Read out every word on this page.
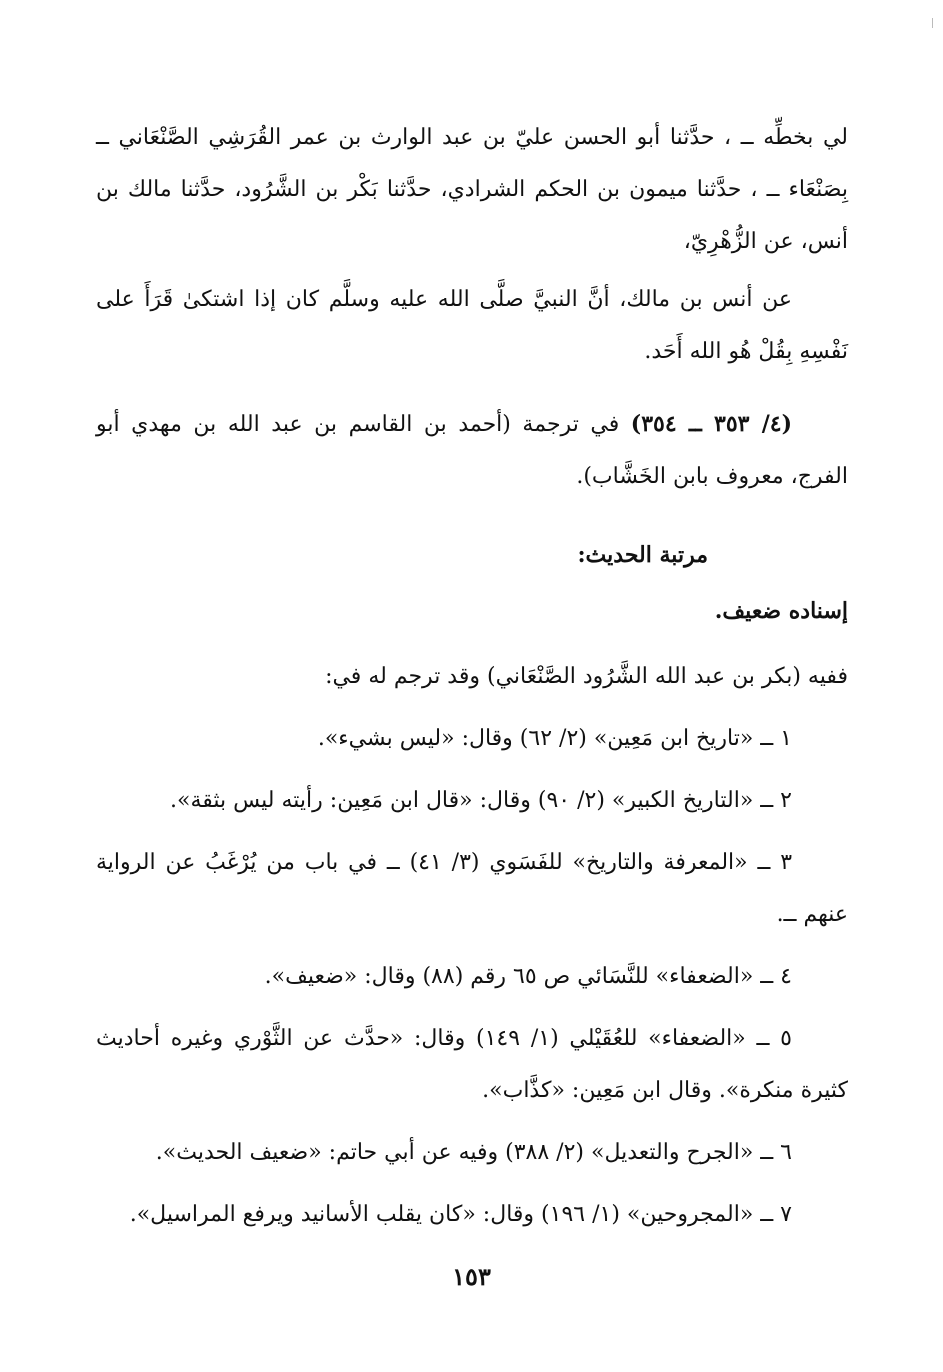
لي بخطِّه ــ ، حدَّثنا أبو الحسن عليّ بن عبد الوارث بن عمر القُرَشِي الصَّنْعَاني ــ بِصَنْعَاء ــ ، حدَّثنا ميمون بن الحكم الشرادي، حدَّثنا بَكْر بن الشَّرُود، حدَّثنا مالك بن أنس، عن الزُّهْرِيّ،

عن أنس بن مالك، أنَّ النبيَّ صلَّى الله عليه وسلَّم كان إذا اشتكىٰ قَرَأَ على نَفْسِهِ بِقُلْ هُو الله أَحَد.

(٤/ ٣٥٣ ــ ٣٥٤) في ترجمة (أحمد بن القاسم بن عبد الله بن مهدي أبو الفرج، معروف بابن الخَشَّاب).

مرتبة الحديث:

إسناده ضعيف.

ففيه (بكر بن عبد الله الشَّرُود الصَّنْعَاني) وقد ترجم له في:

١ ــ «تاريخ ابن مَعِين» (٢/ ٦٢) وقال: «ليس بشيء».

٢ ــ «التاريخ الكبير» (٢/ ٩٠) وقال: «قال ابن مَعِين: رأيته ليس بثقة».

٣ ــ «المعرفة والتاريخ» للفَسَوي (٣/ ٤١) ــ في باب من يُرْغَبُ عن الرواية عنهم ــ.

٤ ــ «الضعفاء» للنَّسَائي ص ٦٥ رقم (٨٨) وقال: «ضعيف».

٥ ــ «الضعفاء» للعُقَيْلي (١/ ١٤٩) وقال: «حدَّث عن الثَّوْري وغيره أحاديث كثيرة منكرة». وقال ابن مَعِين: «كذَّاب».

٦ ــ «الجرح والتعديل» (٢/ ٣٨٨) وفيه عن أبي حاتم: «ضعيف الحديث».

٧ ــ «المجروحين» (١/ ١٩٦) وقال: «كان يقلب الأسانيد ويرفع المراسيل».

١٥٣
